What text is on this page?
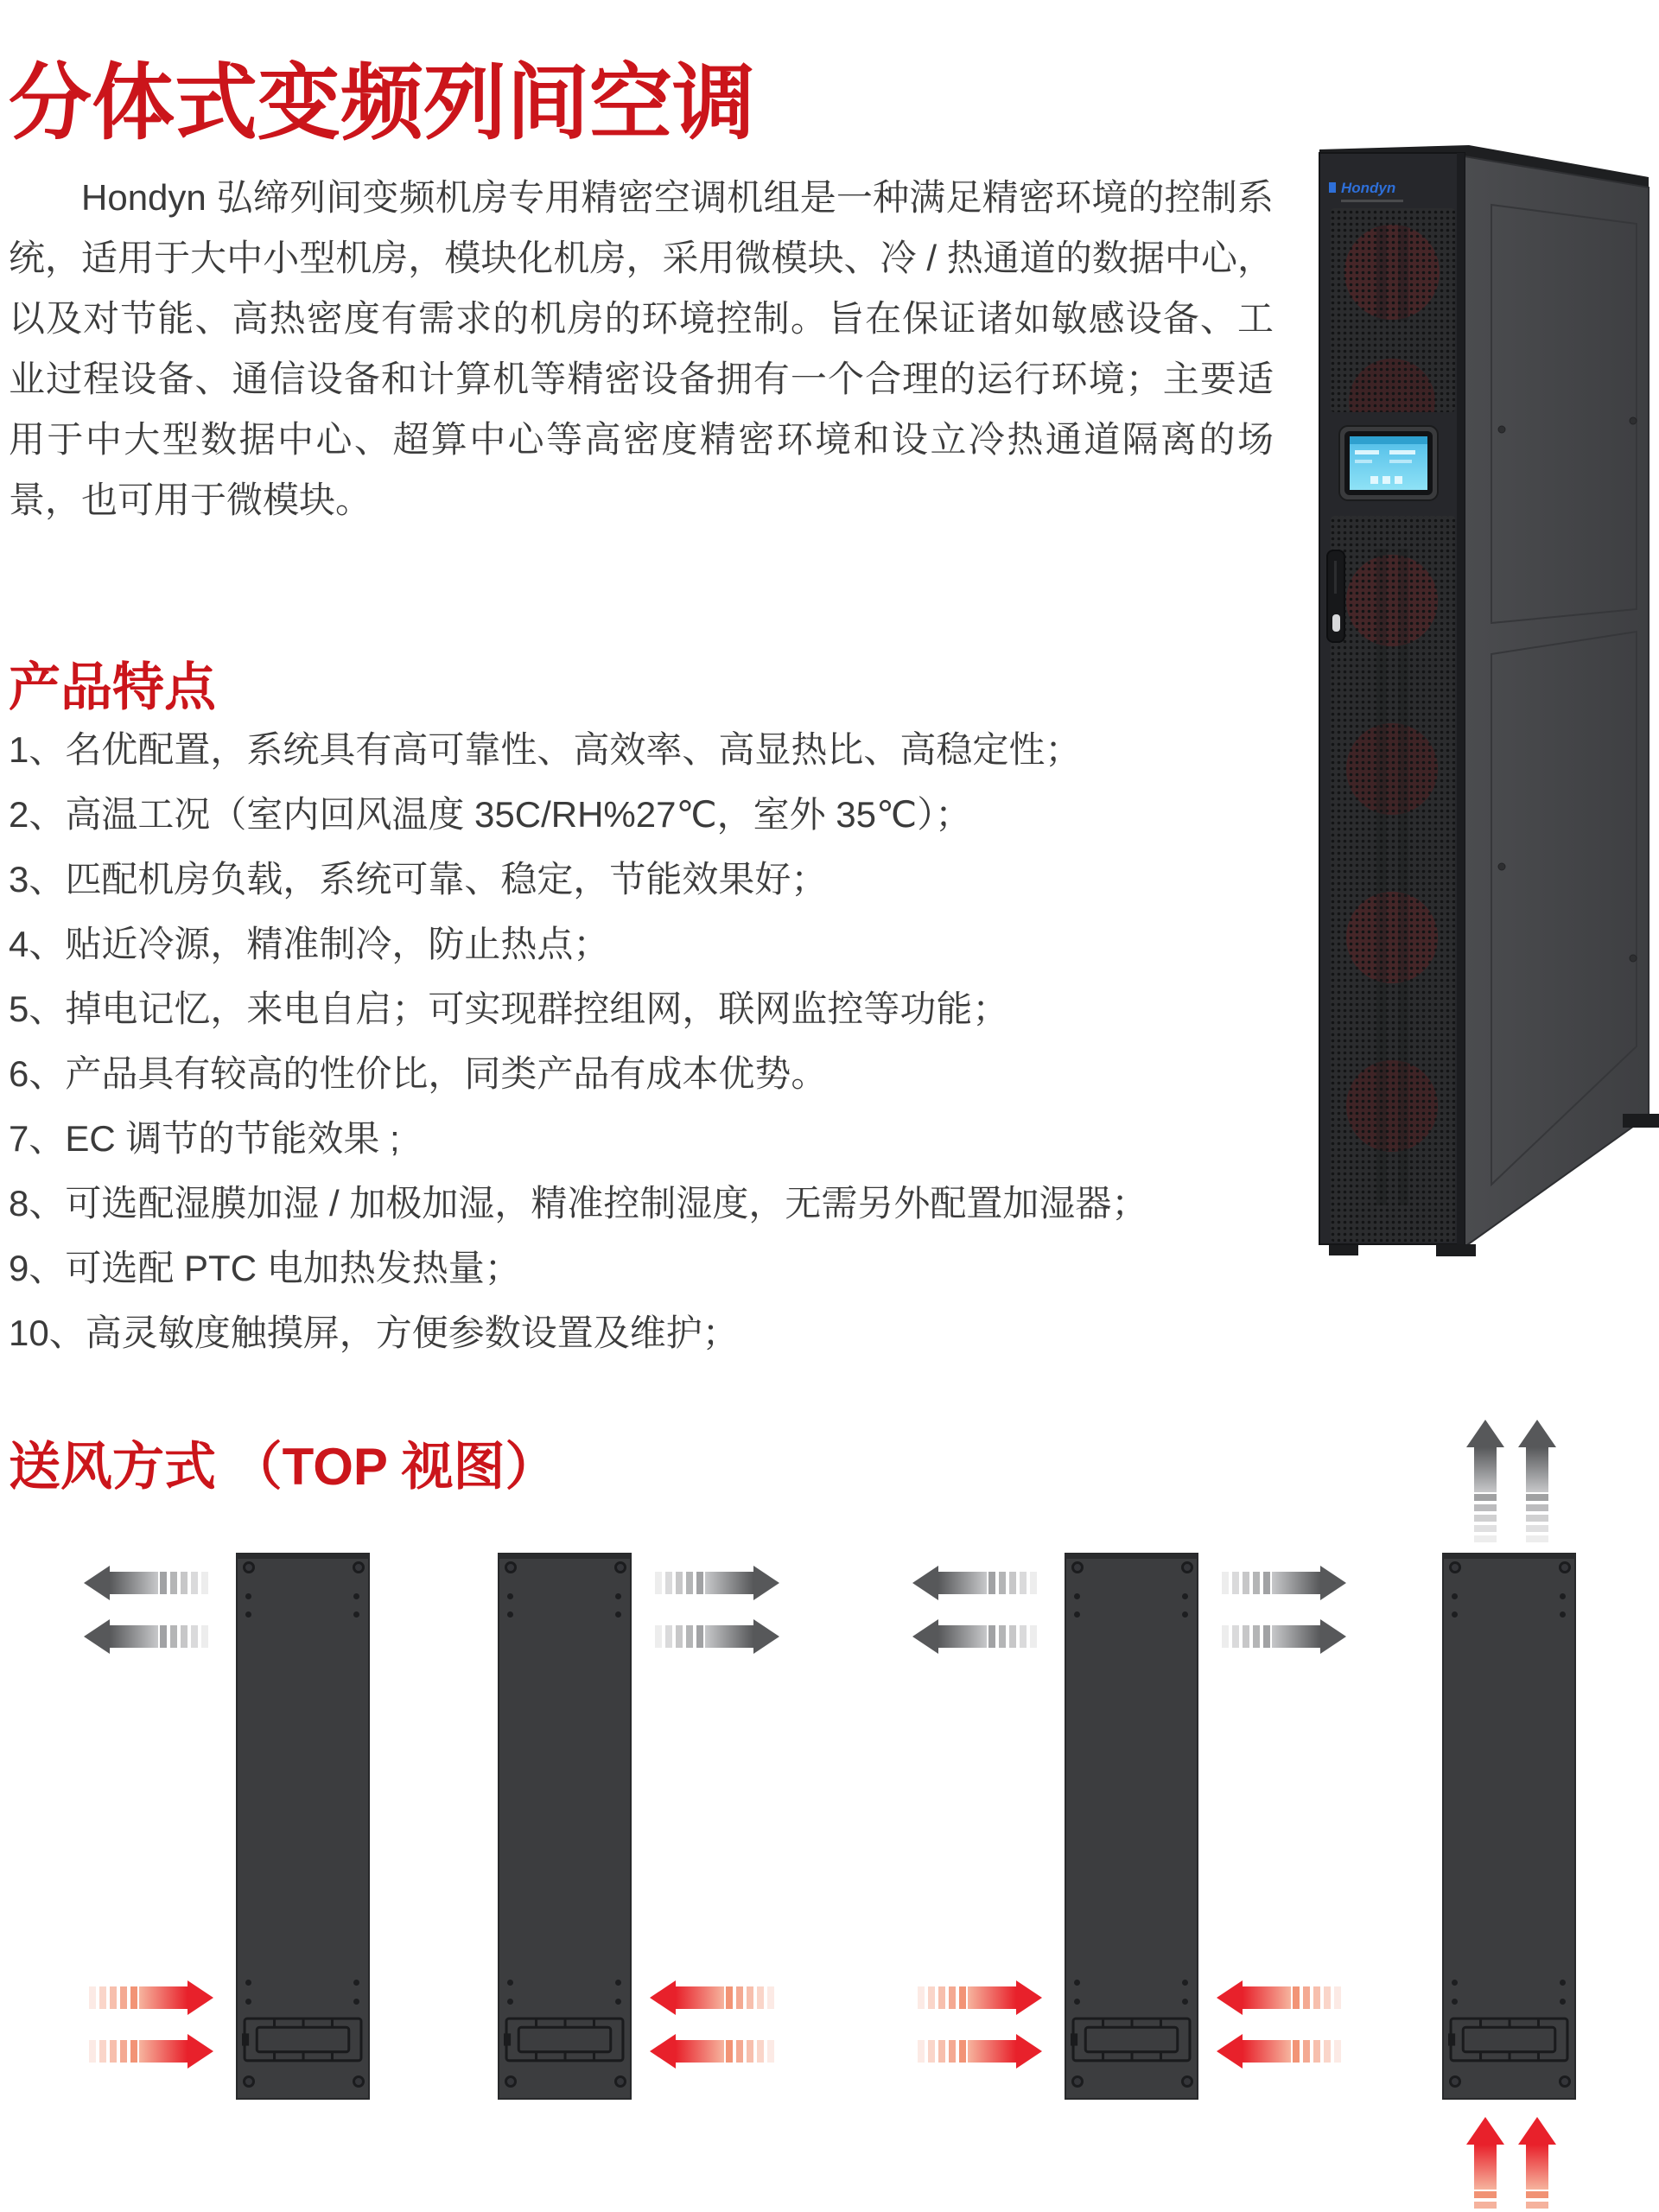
分体式变频列间空调

Hondyn 弘缔列间变频机房专用精密空调机组是一种满足精密环境的控制系统，适用于大中小型机房，模块化机房，采用微模块、冷 / 热通道的数据中心，以及对节能、高热密度有需求的机房的环境控制。旨在保证诸如敏感设备、工业过程设备、通信设备和计算机等精密设备拥有一个合理的运行环境；主要适用于中大型数据中心、超算中心等高密度精密环境和设立冷热通道隔离的场景，也可用于微模块。

Hondyn
产品特点
1、名优配置，系统具有高可靠性、高效率、高显热比、高稳定性；
2、高温工况（室内回风温度 35C/RH%27℃，室外 35℃）；
3、匹配机房负载，系统可靠、稳定，节能效果好；
4、贴近冷源，精准制冷，防止热点；
5、掉电记忆，来电自启；可实现群控组网，联网监控等功能；
6、产品具有较高的性价比，同类产品有成本优势。
7、EC 调节的节能效果 ;
8、可选配湿膜加湿 / 加极加湿，精准控制湿度，无需另外配置加湿器；
9、可选配 PTC 电加热发热量；
10、高灵敏度触摸屏，方便参数设置及维护；
送风方式 （TOP 视图）
